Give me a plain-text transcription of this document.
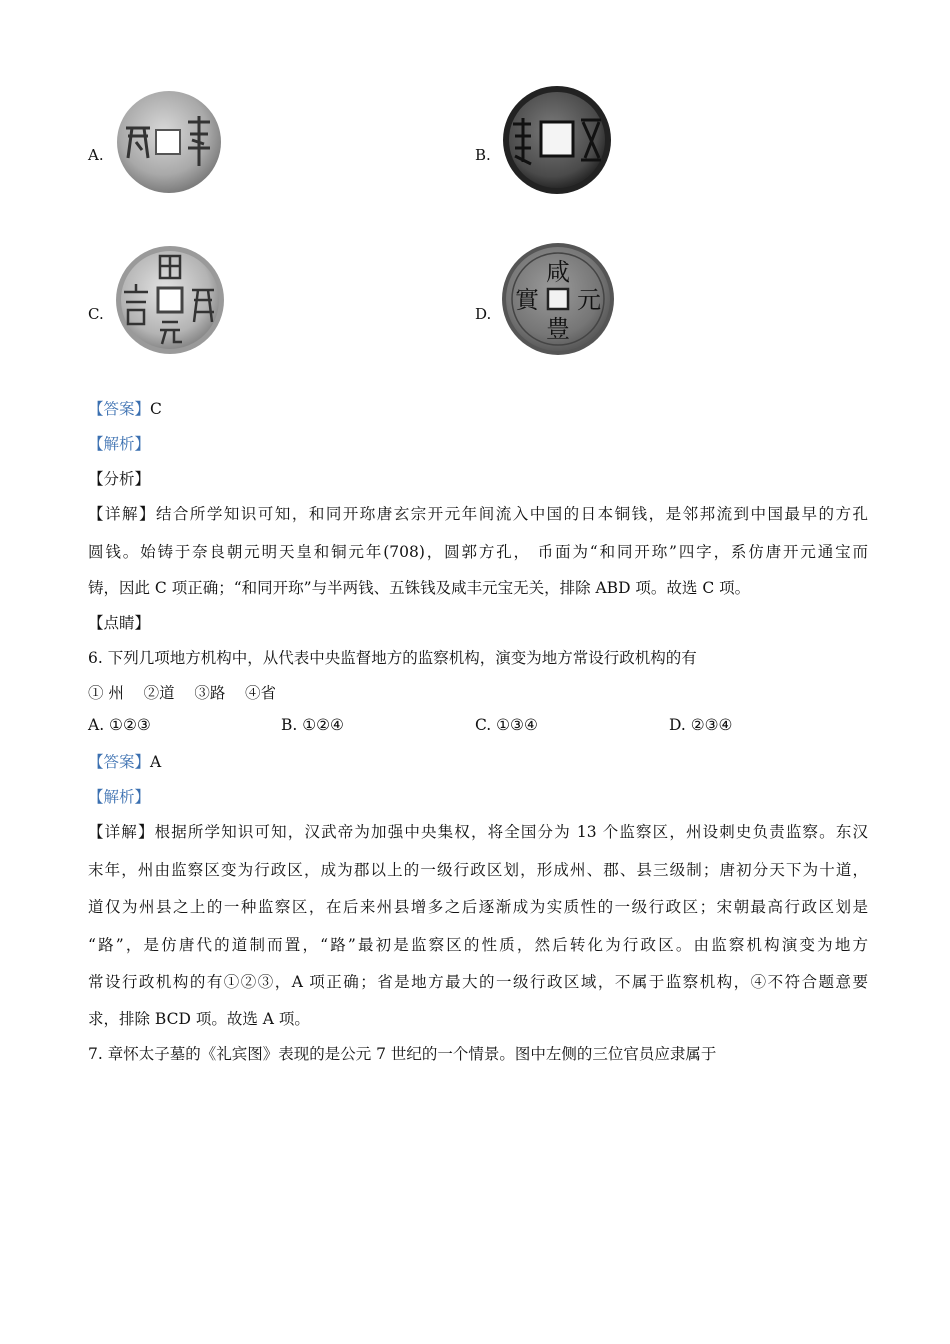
A.	B.
C.	D.
咸
元
豊
實
【答案】C
【解析】
【分析】
【详解】结合所学知识可知，和同开珎唐玄宗开元年间流入中国的日本铜钱，是邻邦流到中国最早的方孔
圆钱。始铸于奈良朝元明天皇和铜元年(708)，圆郭方孔， 币面为“和同开珎”四字，系仿唐开元通宝而
铸，因此 C 项正确；“和同开珎”与半两钱、五铢钱及咸丰元宝无关，排除 ABD 项。故选 C 项。
【点睛】
6. 下列几项地方机构中，从代表中央监督地方的监察机构，演变为地方常设行政机构的有
① 州    ②道    ③路    ④省
A. ①②③	B. ①②④	C. ①③④	D. ②③④
【答案】A
【解析】
【详解】根据所学知识可知，汉武帝为加强中央集权，将全国分为 13 个监察区，州设刺史负责监察。东汉
末年，州由监察区变为行政区，成为郡以上的一级行政区划，形成州、郡、县三级制；唐初分天下为十道，
道仅为州县之上的一种监察区，在后来州县增多之后逐渐成为实质性的一级行政区；宋朝最高行政区划是
“路”，是仿唐代的道制而置，“路”最初是监察区的性质，然后转化为行政区。由监察机构演变为地方
常设行政机构的有①②③，A 项正确；省是地方最大的一级行政区域，不属于监察机构，④不符合题意要
求，排除 BCD 项。故选 A 项。
7. 章怀太子墓的《礼宾图》表现的是公元 7 世纪的一个情景。图中左侧的三位官员应隶属于
